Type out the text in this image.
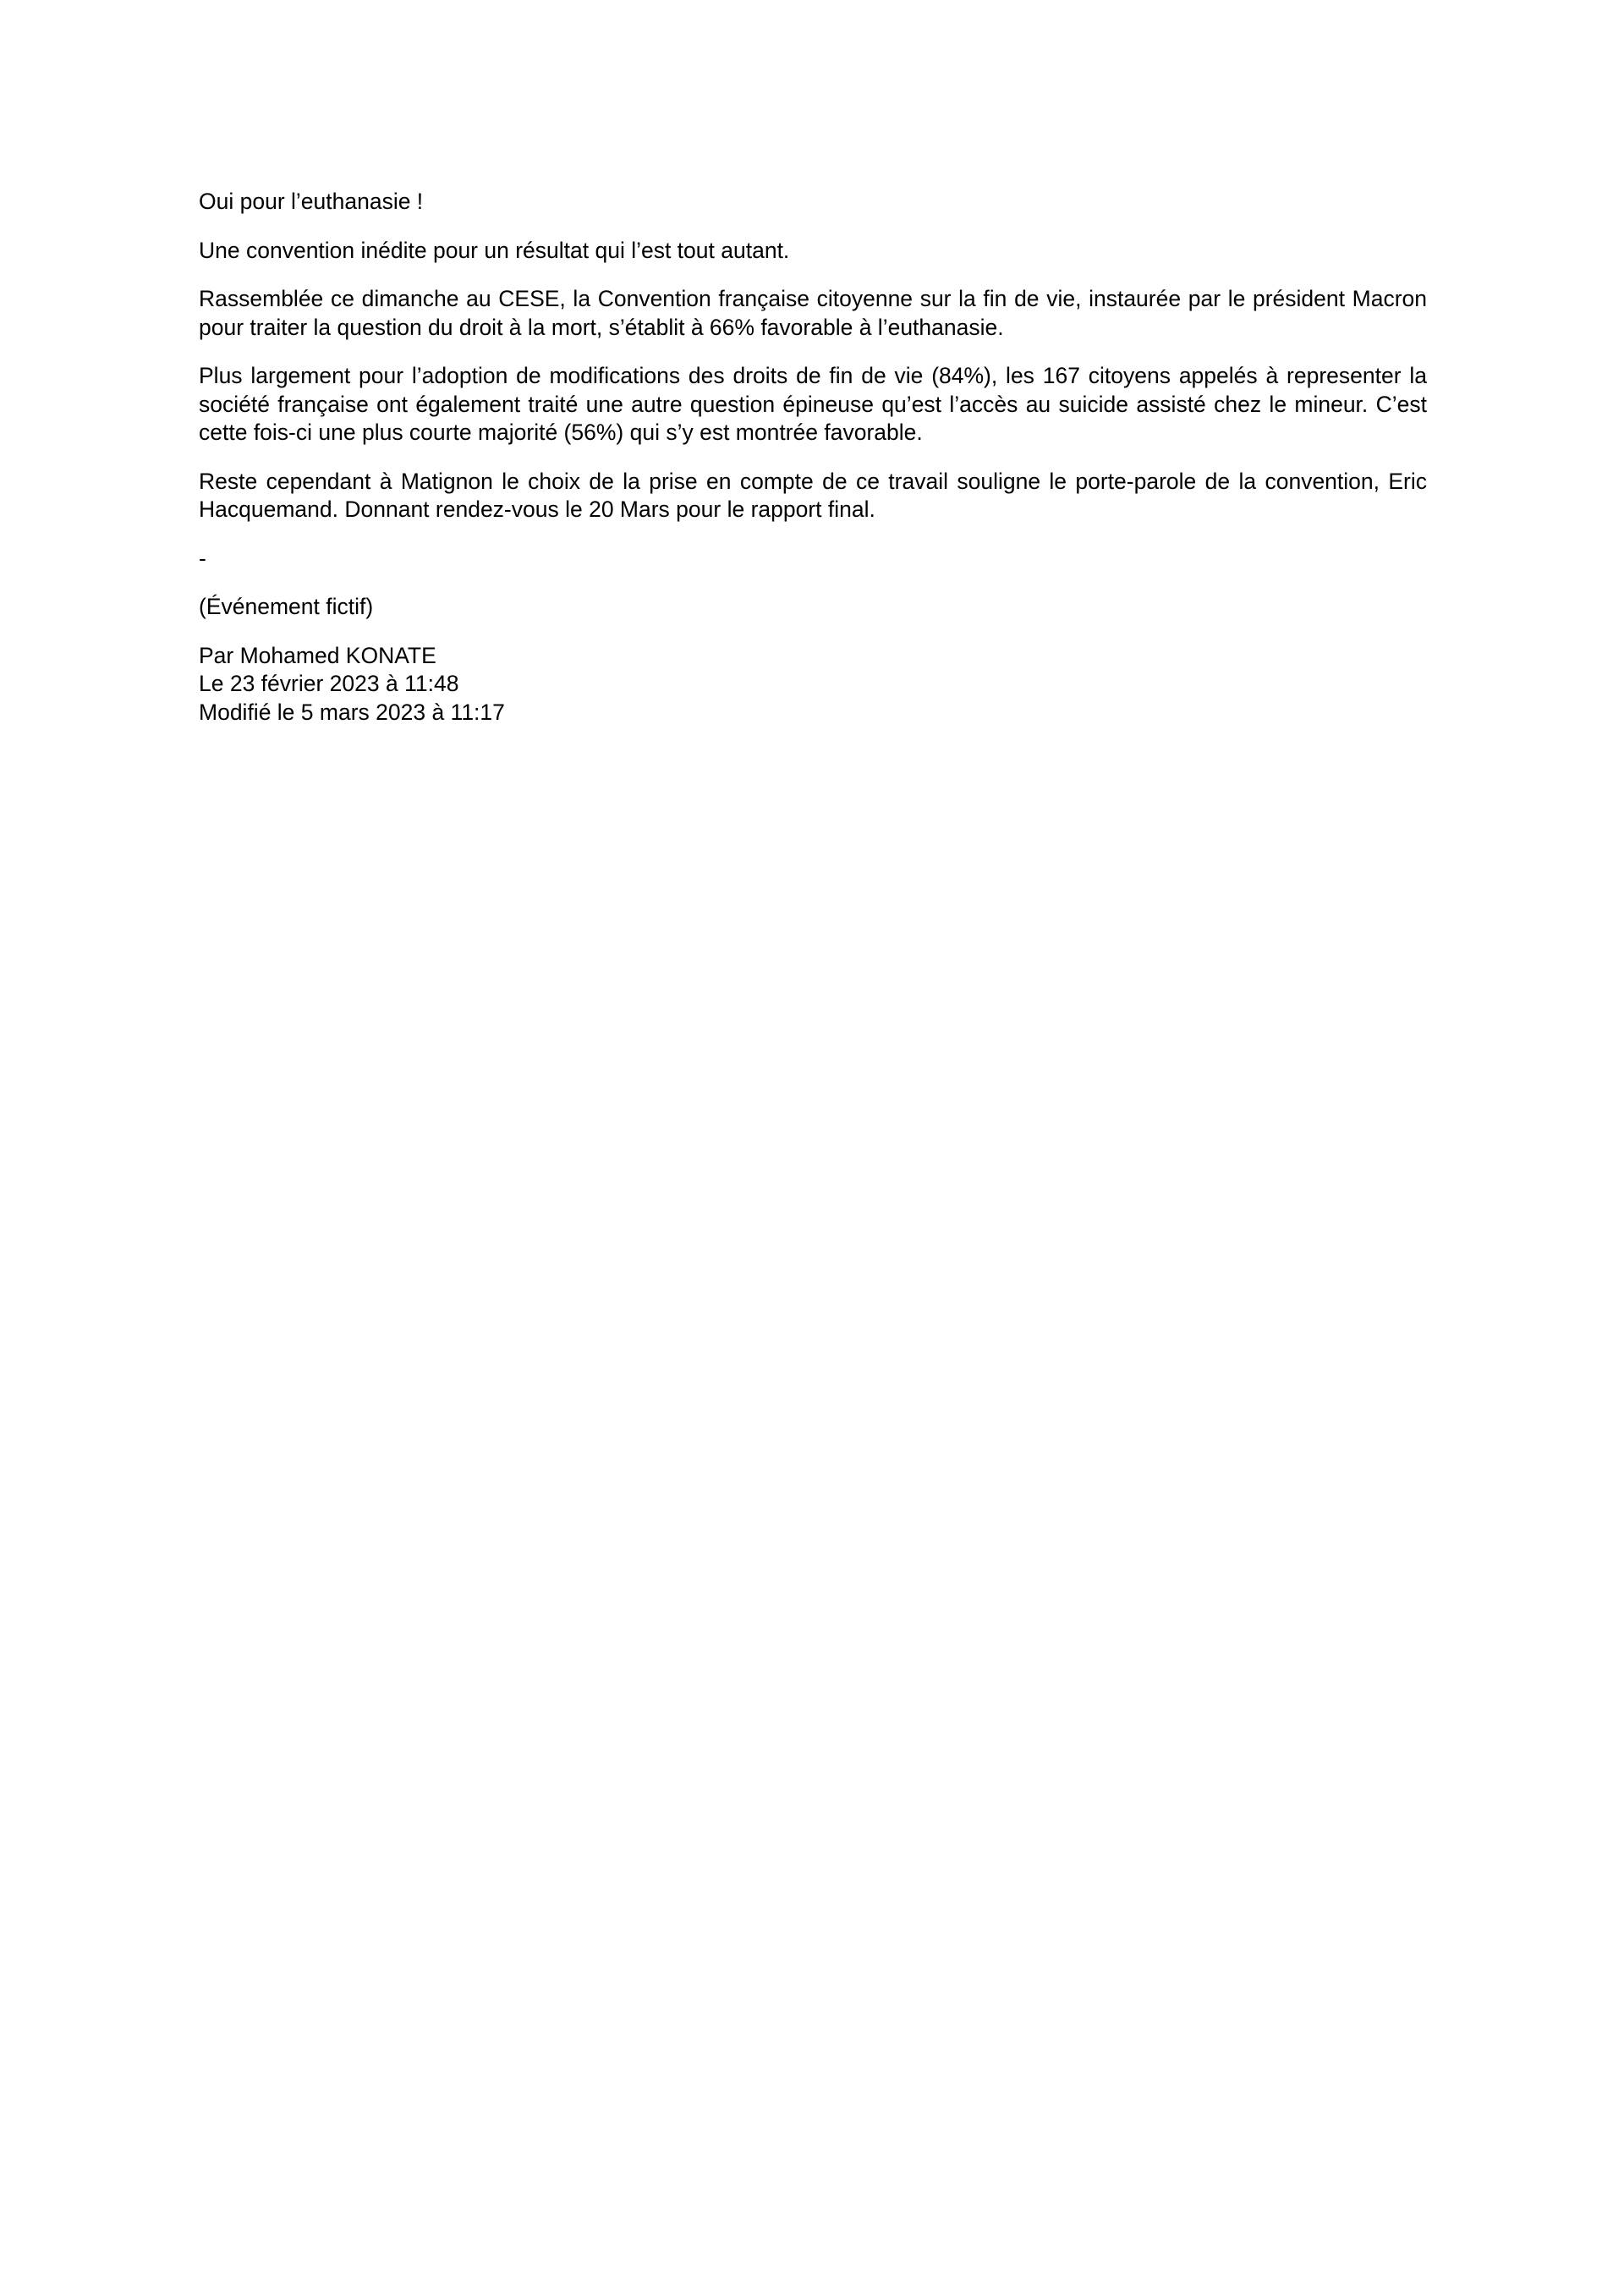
Oui pour l’euthanasie !

Une convention inédite pour un résultat qui l’est tout autant.

Rassemblée ce dimanche au CESE, la Convention française citoyenne sur la fin de vie, instaurée par le président Macron pour traiter la question du droit à la mort, s’établit à 66% favorable à l’euthanasie.

Plus largement pour l’adoption de modifications des droits de fin de vie (84%), les 167 citoyens appelés à representer la société française ont également traité une autre question épineuse qu’est l’accès au suicide assisté chez le mineur. C’est cette fois-ci une plus courte majorité (56%) qui s’y est montrée favorable.

Reste cependant à Matignon le choix de la prise en compte de ce travail souligne le porte-parole de la convention, Eric Hacquemand. Donnant rendez-vous le 20 Mars pour le rapport final.

-

(Événement fictif)

Par Mohamed KONATE
Le 23 février 2023 à 11:48
Modifié le 5 mars 2023 à 11:17
